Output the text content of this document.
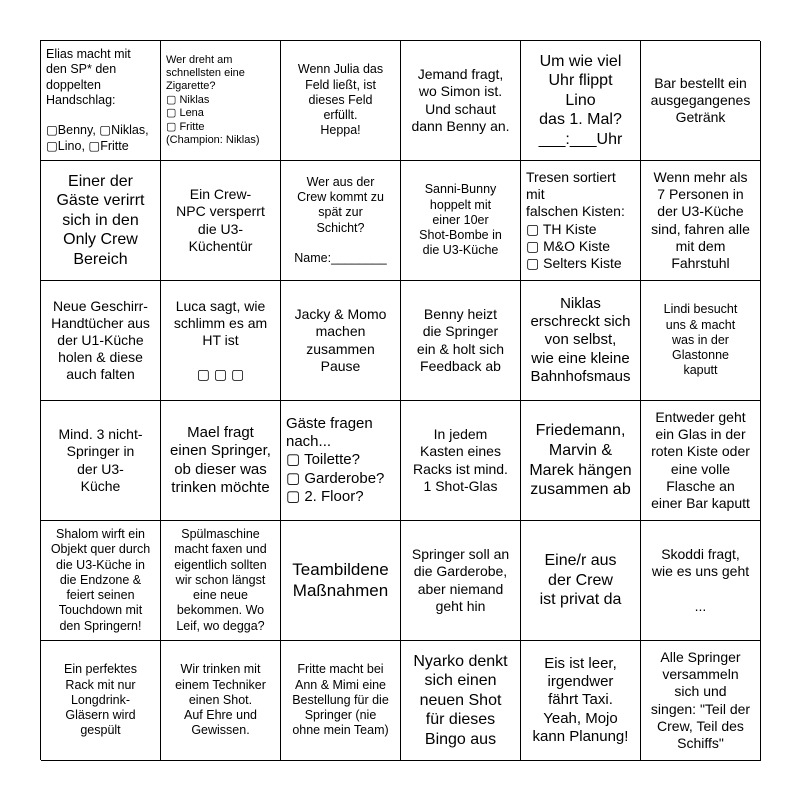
Elias macht mit
den SP* den
doppelten
Handschlag:

▢Benny, ▢Niklas,
▢Lino, ▢Fritte
Wer dreht am
schnellsten eine
Zigarette?
▢ Niklas
▢ Lena
▢ Fritte
(Champion: Niklas)
Wenn Julia das
Feld ließt, ist
dieses Feld
erfüllt.
Heppa!
Jemand fragt,
wo Simon ist.
Und schaut
dann Benny an.
Um wie viel
Uhr flippt
Lino
das 1. Mal?
___:___Uhr
Bar bestellt ein
ausgegangenes
Getränk
Einer der
Gäste verirrt
sich in den
Only Crew
Bereich
Ein Crew-
NPC versperrt
die U3-
Küchentür
Wer aus der
Crew kommt zu
spät zur
Schicht?

Name:________
Sanni-Bunny
hoppelt mit
einer 10er
Shot-Bombe in
die U3-Küche
Tresen sortiert
mit
falschen Kisten:
▢ TH Kiste
▢ M&O Kiste
▢ Selters Kiste
Wenn mehr als
7 Personen in
der U3-Küche
sind, fahren alle
mit dem
Fahrstuhl
Neue Geschirr-
Handtücher aus
der U1-Küche
holen & diese
auch falten
Luca sagt, wie
schlimm es am
HT ist

▢ ▢ ▢
Jacky & Momo
machen
zusammen
Pause
Benny heizt
die Springer
ein & holt sich
Feedback ab
Niklas
erschreckt sich
von selbst,
wie eine kleine
Bahnhofsmaus
Lindi besucht
uns & macht
was in der
Glastonne
kaputt
Mind. 3 nicht-
Springer in
der U3-
Küche
Mael fragt
einen Springer,
ob dieser was
trinken möchte
Gäste fragen
nach...
▢ Toilette?
▢ Garderobe?
▢ 2. Floor?
In jedem
Kasten eines
Racks ist mind.
1 Shot-Glas
Friedemann,
Marvin &
Marek hängen
zusammen ab
Entweder geht
ein Glas in der
roten Kiste oder
eine volle
Flasche an
einer Bar kaputt
Shalom wirft ein
Objekt quer durch
die U3-Küche in
die Endzone &
feiert seinen
Touchdown mit
den Springern!
Spülmaschine
macht faxen und
eigentlich sollten
wir schon längst
eine neue
bekommen. Wo
Leif, wo degga?
Teambildene
Maßnahmen
Springer soll an
die Garderobe,
aber niemand
geht hin
Eine/r aus
der Crew
ist privat da
Skoddi fragt,
wie es uns geht

...
Ein perfektes
Rack mit nur
Longdrink-
Gläsern wird
gespült
Wir trinken mit
einem Techniker
einen Shot.
Auf Ehre und
Gewissen.
Fritte macht bei
Ann & Mimi eine
Bestellung für die
Springer (nie
ohne mein Team)
Nyarko denkt
sich einen
neuen Shot
für dieses
Bingo aus
Eis ist leer,
irgendwer
fährt Taxi.
Yeah, Mojo
kann Planung!
Alle Springer
versammeln
sich und
singen: "Teil der
Crew, Teil des
Schiffs"
